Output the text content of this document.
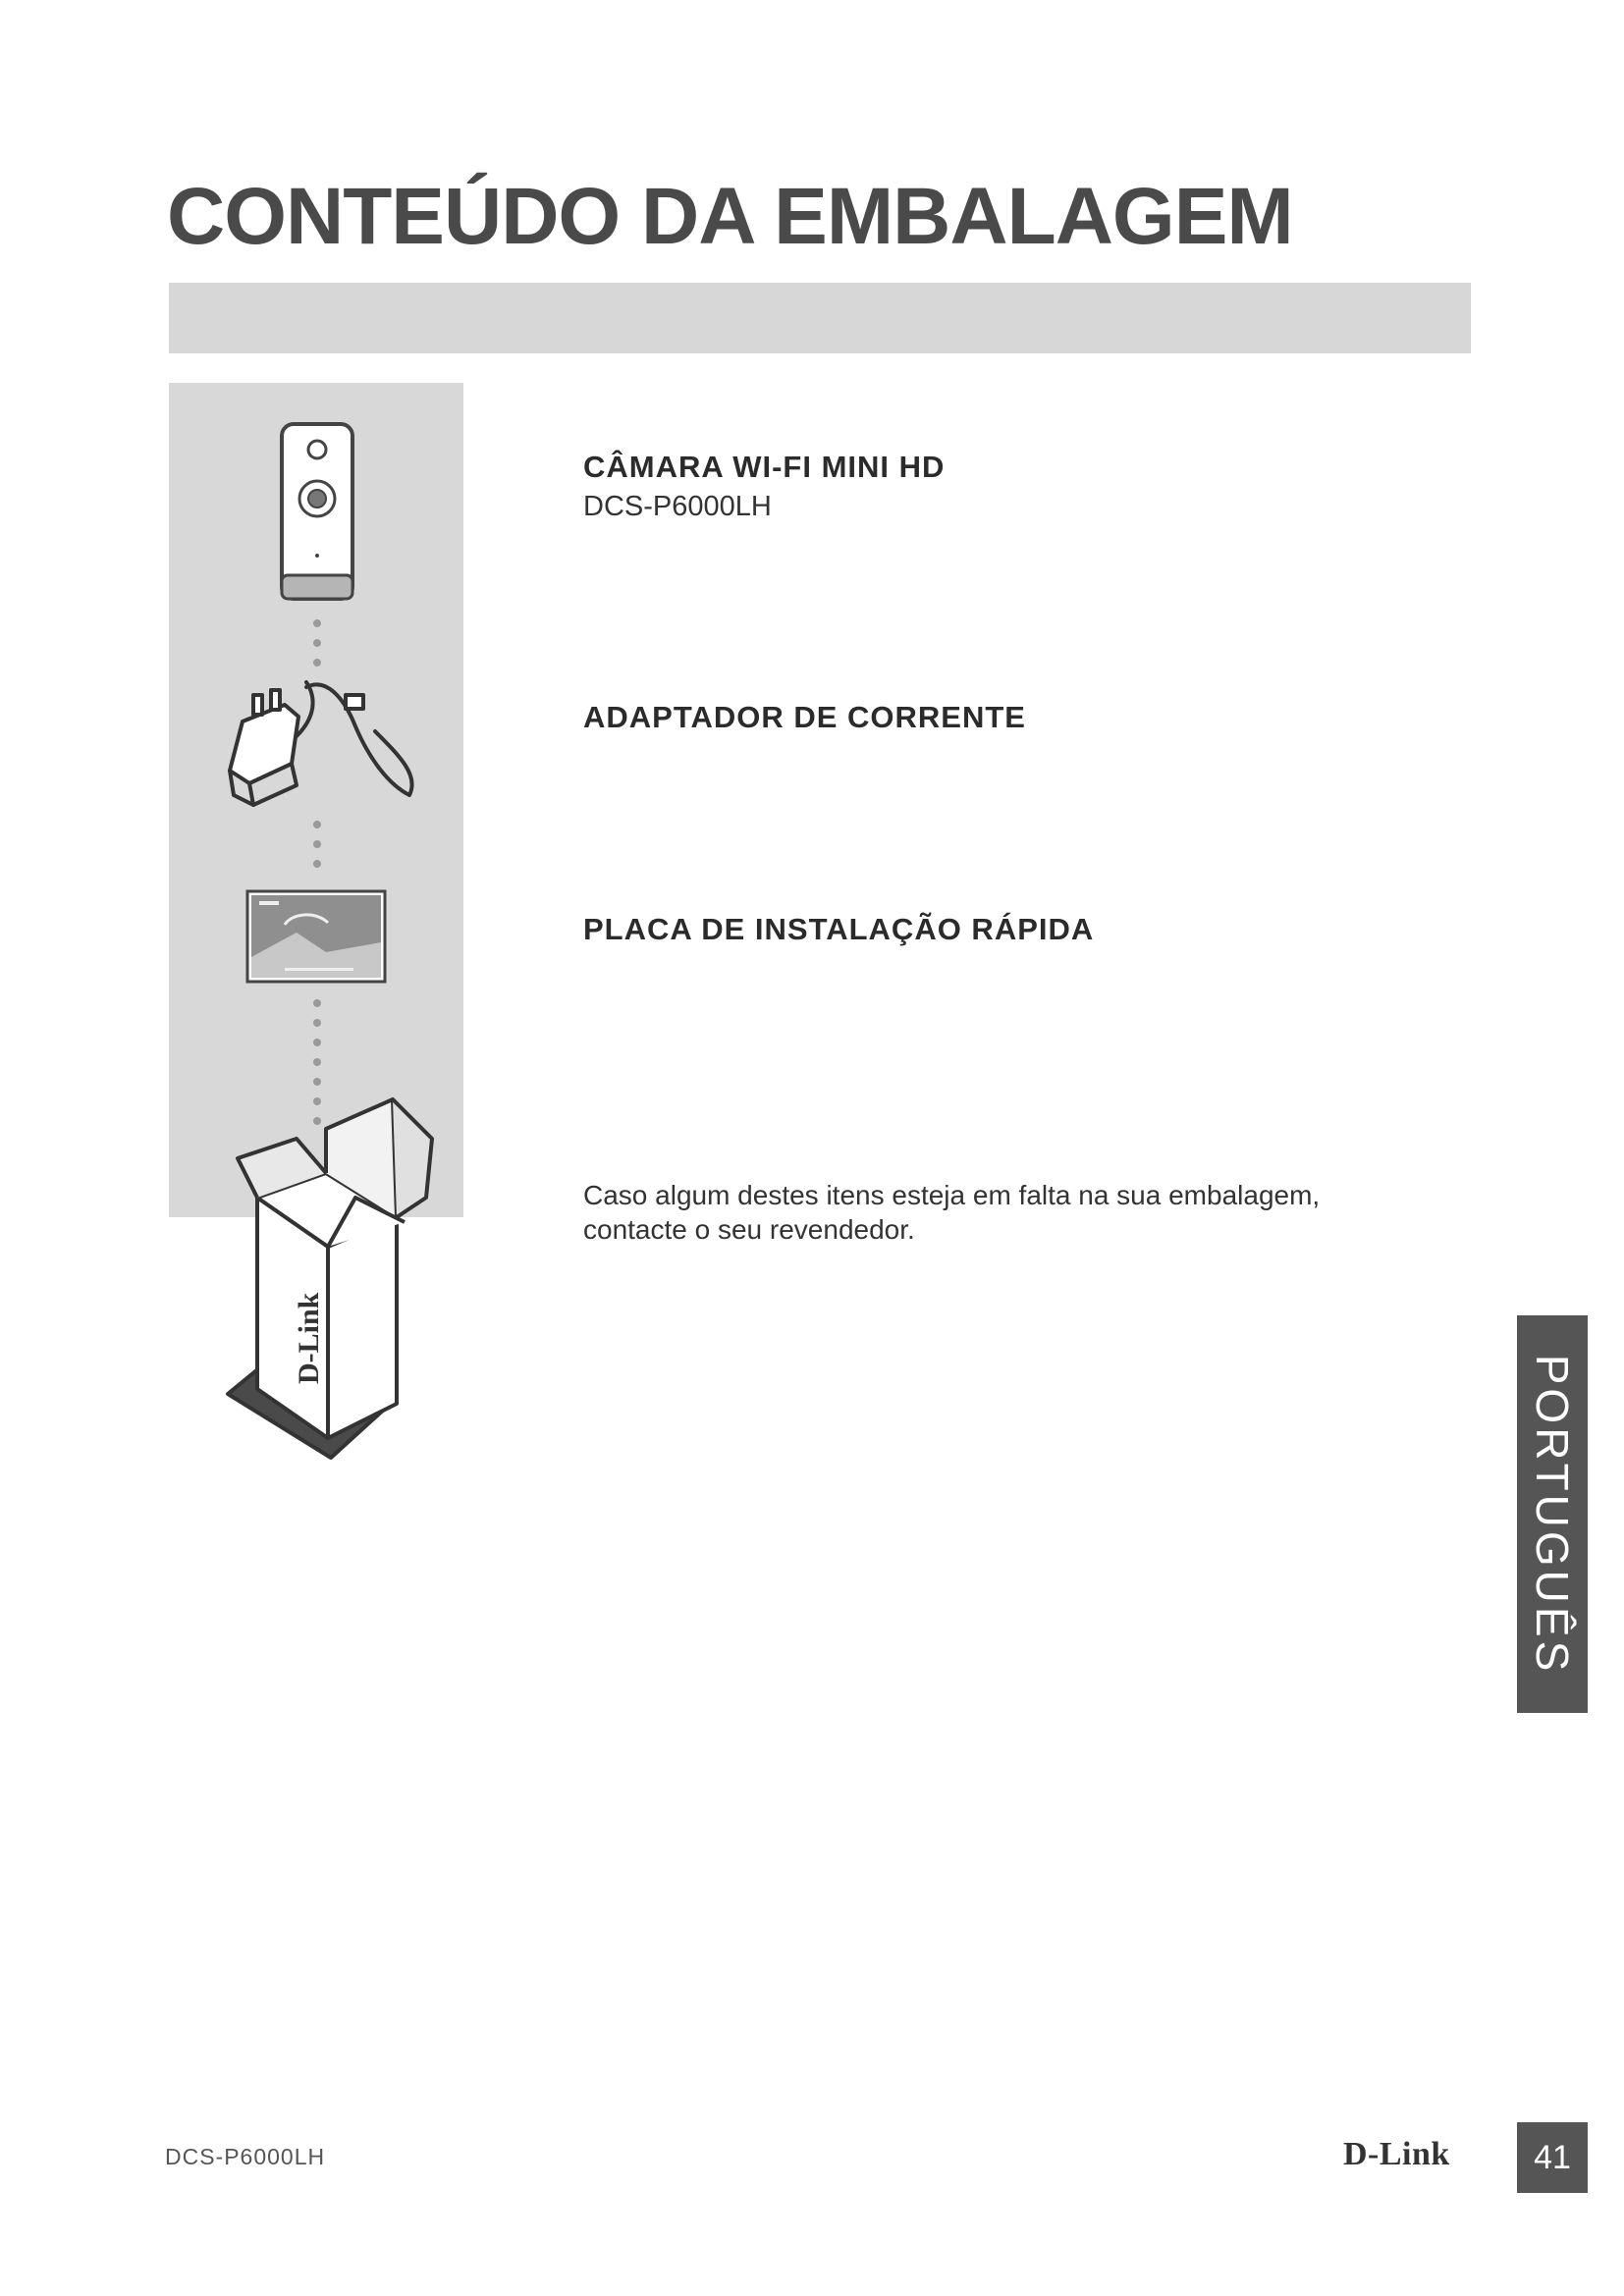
CONTEÚDO DA EMBALAGEM
D-Link

CÂMARA WI-FI MINI HD

DCS-P6000LH

ADAPTADOR DE CORRENTE

PLACA DE INSTALAÇÃO RÁPIDA

Caso algum destes itens esteja em falta na sua embalagem, contacte o seu revendedor.

PORTUGUÊS

DCS-P6000LH	D-Link	41
